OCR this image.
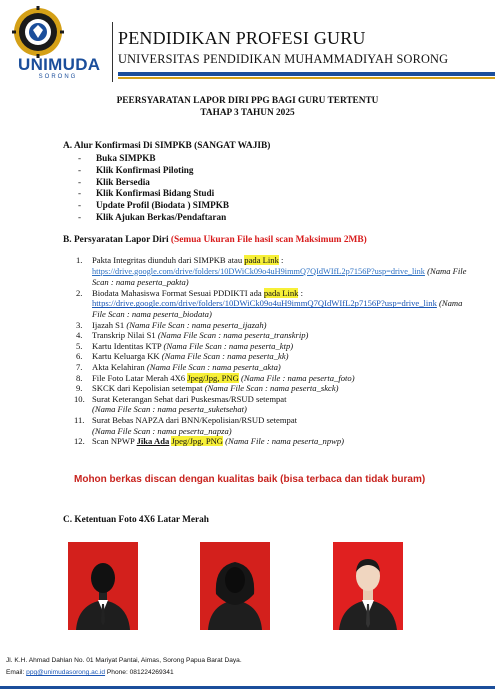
UNIMUDA
SORONG
PENDIDIKAN PROFESI GURU
UNIVERSITAS PENDIDIKAN MUHAMMADIYAH SORONG
PEERSYARATAN LAPOR DIRI PPG BAGI GURU TERTENTU
TAHAP 3 TAHUN 2025
A. Alur Konfirmasi Di SIMPKB (SANGAT WAJIB)
- Buka SIMPKB
- Klik Konfirmasi Piloting
- Klik Bersedia
- Klik Konfirmasi Bidang Studi
- Update Profil (Biodata ) SIMPKB
- Klik Ajukan Berkas/Pendaftaran
B. Persyaratan Lapor Diri (Semua Ukuran File hasil scan Maksimum 2MB)
1. Pakta Integritas diunduh dari SIMPKB atau pada Link :
https://drive.google.com/drive/folders/10DWiCk09o4uH9immQ7QIdWIfL2p7156P?usp=drive_link (Nama File Scan : nama peserta_pakta)
2. Biodata Mahasiswa Format Sesuai PDDIKTI ada pada Link :
https://drive.google.com/drive/folders/10DWiCk09o4uH9immQ7QIdWIfL2p7156P?usp=drive_link (Nama File Scan : nama peserta_biodata)
3. Ijazah S1 (Nama File Scan : nama peserta_ijazah)
4. Transkrip Nilai S1 (Nama File Scan : nama peserta_transkrip)
5. Kartu Identitas KTP (Nama File Scan : nama peserta_ktp)
6. Kartu Keluarga KK (Nama File Scan : nama peserta_kk)
7. Akta Kelahiran (Nama File Scan : nama peserta_akta)
8. File Foto Latar Merah 4X6 Jpeg/Jpg, PNG (Nama File : nama peserta_foto)
9. SKCK dari Kepolisian setempat (Nama File Scan : nama peserta_skck)
10. Surat Keterangan Sehat dari Puskesmas/RSUD setempat
(Nama File Scan : nama peserta_suketsehat)
11. Surat Bebas NAPZA dari BNN/Kepolisian/RSUD setempat
(Nama File Scan : nama peserta_napza)
12. Scan NPWP Jika Ada Jpeg/Jpg, PNG (Nama File : nama peserta_npwp)
Mohon berkas discan dengan kualitas baik (bisa terbaca dan tidak buram)
C. Ketentuan Foto 4X6 Latar Merah
Jl. K.H. Ahmad Dahlan No. 01 Mariyat Pantai, Aimas, Sorong Papua Barat Daya.
Email: ppg@unimudasorong.ac.id Phone: 081224269341
